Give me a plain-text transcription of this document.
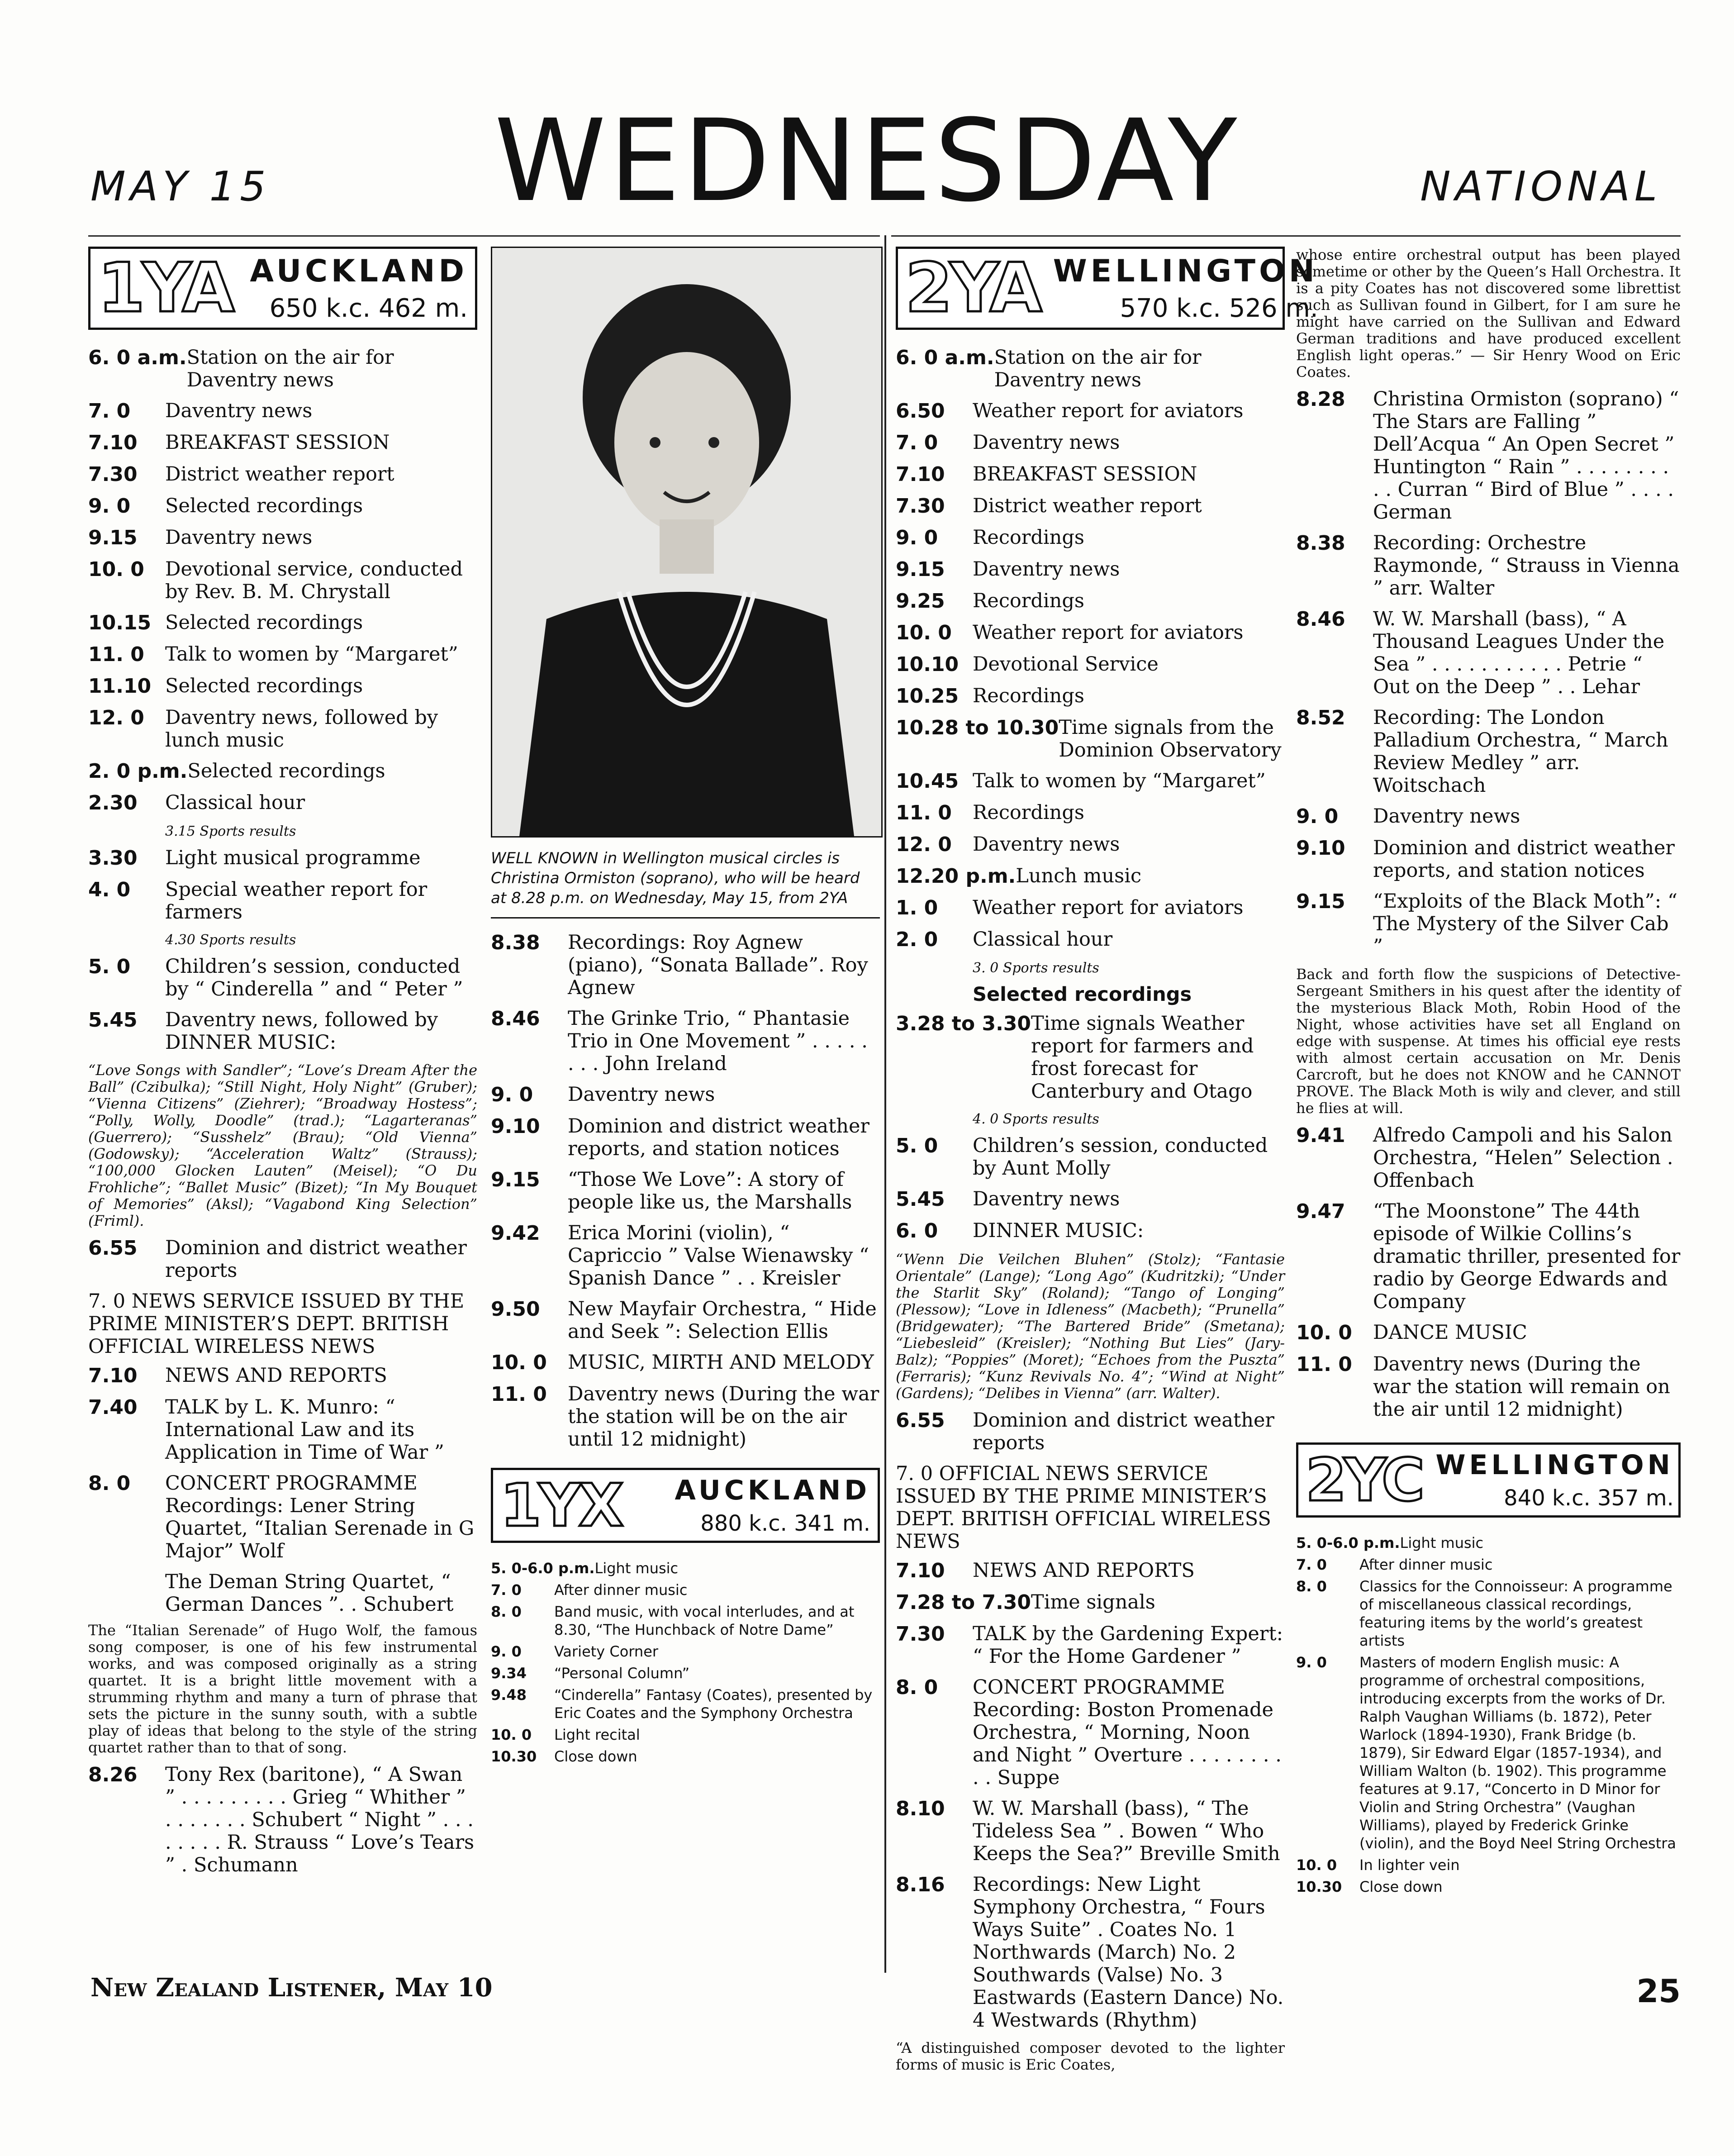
MAY 15	WEDNESDAY	NATIONAL
1YA AUCKLAND
650 k.c. 462 m.
6. 0 a.m. Station on the air for Daventry news
7. 0	Daventry news
7.10	BREAKFAST SESSION
7.30	District weather report
9. 0	Selected recordings
9.15	Daventry news
10. 0	Devotional service, conducted by Rev. B. M. Chrystall
10.15 Selected recordings
11. 0	Talk to women by “Margaret”
11.10 Selected recordings
12. 0	Daventry news, followed by lunch music
2. 0 p.m. Selected recordings
2.30	Classical hour
3.15 Sports results
3.30	Light musical programme
4. 0	Special weather report for farmers
4.30 Sports results
5. 0	Children’s session, conducted by “ Cinderella ” and “ Peter ”
5.45	Daventry news, followed by DINNER MUSIC:
“Love Songs with Sandler”; “Love’s Dream After the Ball” (Czibulka); “Still Night, Holy Night” (Gruber); “Vienna Citizens” (Ziehrer); “Broadway Hostess”; “Polly, Wolly, Doodle” (trad.); “Lagarteranas” (Guerrero); “Susshelz” (Brau); “Old Vienna” (Godowsky); “Acceleration Waltz” (Strauss); “100,000 Glocken Lauten” (Meisel); “O Du Frohliche”; “Ballet Music” (Bizet); “In My Bouquet of Memories” (Aksl); “Vagabond King Selection” (Friml).
6.55	Dominion and district weather reports
7. 0 NEWS SERVICE ISSUED BY THE PRIME MINISTER’S DEPT. BRITISH OFFICIAL WIRELESS NEWS
7.10	NEWS AND REPORTS
7.40	TALK by L. K. Munro: “ International Law and its Application in Time of War ”
8. 0	CONCERT PROGRAMME Recordings: Lener String Quartet, “Italian Serenade in G Major” Wolf
The Deman String Quartet, “ German Dances ”. . Schubert
The “Italian Serenade” of Hugo Wolf, the famous song composer, is one of his few instrumental works, and was composed originally as a string quartet. It is a bright little movement with a strumming rhythm and many a turn of phrase that sets the picture in the sunny south, with a subtle play of ideas that belong to the style of the string quartet rather than to that of song.
8.26	Tony Rex (baritone), “ A Swan ” . . . . . . . . . Grieg “ Whither ” . . . . . . . Schubert “ Night ” . . . . . . . . R. Strauss “ Love’s Tears ” . Schumann
WELL KNOWN in Wellington musical circles is Christina Ormiston (soprano), who will be heard at 8.28 p.m. on Wednesday, May 15, from 2YA
8.38	Recordings: Roy Agnew (piano), “Sonata Ballade”. Roy Agnew
8.46	The Grinke Trio, “ Phantasie Trio in One Movement ” . . . . . . . . John Ireland
9. 0	Daventry news
9.10	Dominion and district weather reports, and station notices
9.15	“Those We Love”: A story of people like us, the Marshalls
9.42	Erica Morini (violin), “ Capriccio ” Valse Wienawsky “ Spanish Dance ” . . Kreisler
9.50	New Mayfair Orchestra, “ Hide and Seek ”: Selection Ellis
10. 0	MUSIC, MIRTH AND MELODY
11. 0	Daventry news (During the war the station will be on the air until 12 midnight)
1YX AUCKLAND
880 k.c. 341 m.
5. 0-6.0 p.m. Light music
7. 0	After dinner music
8. 0	Band music, with vocal interludes, and at 8.30, “The Hunchback of Notre Dame”
9. 0	Variety Corner
9.34	“Personal Column”
9.48	“Cinderella” Fantasy (Coates), presented by Eric Coates and the Symphony Orchestra
10. 0	Light recital
10.30	Close down
2YA WELLINGTON
570 k.c. 526 m.
6. 0 a.m. Station on the air for Daventry news
6.50	Weather report for aviators
7. 0	Daventry news
7.10	BREAKFAST SESSION
7.30	District weather report
9. 0	Recordings
9.15	Daventry news
9.25	Recordings
10. 0	Weather report for aviators
10.10 Devotional Service
10.25 Recordings
10.28 to 10.30 Time signals from the Dominion Observatory
10.45 Talk to women by “Margaret”
11. 0	Recordings
12. 0	Daventry news
12.20 p.m. Lunch music
1. 0	Weather report for aviators
2. 0	Classical hour
3. 0 Sports results
Selected recordings
3.28 to 3.30 Time signals Weather report for farmers and frost forecast for Canterbury and Otago
4. 0 Sports results
5. 0	Children’s session, conducted by Aunt Molly
5.45	Daventry news
6. 0	DINNER MUSIC:
“Wenn Die Veilchen Bluhen” (Stolz); “Fantasie Orientale” (Lange); “Long Ago” (Kudritzki); “Under the Starlit Sky” (Roland); “Tango of Longing” (Plessow); “Love in Idleness” (Macbeth); “Prunella” (Bridgewater); “The Bartered Bride” (Smetana); “Liebesleid” (Kreisler); “Nothing But Lies” (Jary-Balz); “Poppies” (Moret); “Echoes from the Puszta” (Ferraris); “Kunz Revivals No. 4”; “Wind at Night” (Gardens); “Delibes in Vienna” (arr. Walter).
6.55	Dominion and district weather reports
7. 0 OFFICIAL NEWS SERVICE ISSUED BY THE PRIME MINISTER’S DEPT. BRITISH OFFICIAL WIRELESS NEWS
7.10	NEWS AND REPORTS
7.28 to 7.30 Time signals
7.30	TALK by the Gardening Expert: “ For the Home Gardener ”
8. 0	CONCERT PROGRAMME Recording: Boston Promenade Orchestra, “ Morning, Noon and Night ” Overture . . . . . . . . . . Suppe
8.10	W. W. Marshall (bass), “ The Tideless Sea ” . Bowen “ Who Keeps the Sea?” Breville Smith
8.16	Recordings: New Light Symphony Orchestra, “ Fours Ways Suite” . Coates No. 1 Northwards (March) No. 2 Southwards (Valse) No. 3 Eastwards (Eastern Dance) No. 4 Westwards (Rhythm)
“A distinguished composer devoted to the lighter forms of music is Eric Coates,
whose entire orchestral output has been played sometime or other by the Queen’s Hall Orchestra. It is a pity Coates has not discovered some librettist such as Sullivan found in Gilbert, for I am sure he might have carried on the Sullivan and Edward German traditions and have produced excellent English light operas.” — Sir Henry Wood on Eric Coates.
8.28	Christina Ormiston (soprano) “ The Stars are Falling ” Dell’Acqua “ An Open Secret ” Huntington “ Rain ” . . . . . . . . . . Curran “ Bird of Blue ” . . . . German
8.38	Recording: Orchestre Raymonde, “ Strauss in Vienna ” arr. Walter
8.46	W. W. Marshall (bass), “ A Thousand Leagues Under the Sea ” . . . . . . . . . . . Petrie “ Out on the Deep ” . . Lehar
8.52	Recording: The London Palladium Orchestra, “ March Review Medley ” arr. Woitschach
9. 0	Daventry news
9.10	Dominion and district weather reports, and station notices
9.15	“Exploits of the Black Moth”: “ The Mystery of the Silver Cab ”
Back and forth flow the suspicions of Detective-Sergeant Smithers in his quest after the identity of the mysterious Black Moth, Robin Hood of the Night, whose activities have set all England on edge with suspense. At times his official eye rests with almost certain accusation on Mr. Denis Carcroft, but he does not KNOW and he CANNOT PROVE. The Black Moth is wily and clever, and still he flies at will.
9.41	Alfredo Campoli and his Salon Orchestra, “Helen” Selection . Offenbach
9.47	“The Moonstone” The 44th episode of Wilkie Collins’s dramatic thriller, presented for radio by George Edwards and Company
10. 0	DANCE MUSIC
11. 0	Daventry news (During the war the station will remain on the air until 12 midnight)
2YC WELLINGTON
840 k.c. 357 m.
5. 0-6.0 p.m. Light music
7. 0	After dinner music
8. 0	Classics for the Connoisseur: A programme of miscellaneous classical recordings, featuring items by the world’s greatest artists
9. 0	Masters of modern English music: A programme of orchestral compositions, introducing excerpts from the works of Dr. Ralph Vaughan Williams (b. 1872), Peter Warlock (1894-1930), Frank Bridge (b. 1879), Sir Edward Elgar (1857-1934), and William Walton (b. 1902). This programme features at 9.17, “Concerto in D Minor for Violin and String Orchestra” (Vaughan Williams), played by Frederick Grinke (violin), and the Boyd Neel String Orchestra
10. 0	In lighter vein
10.30	Close down
New Zealand Listener, May 10	25
